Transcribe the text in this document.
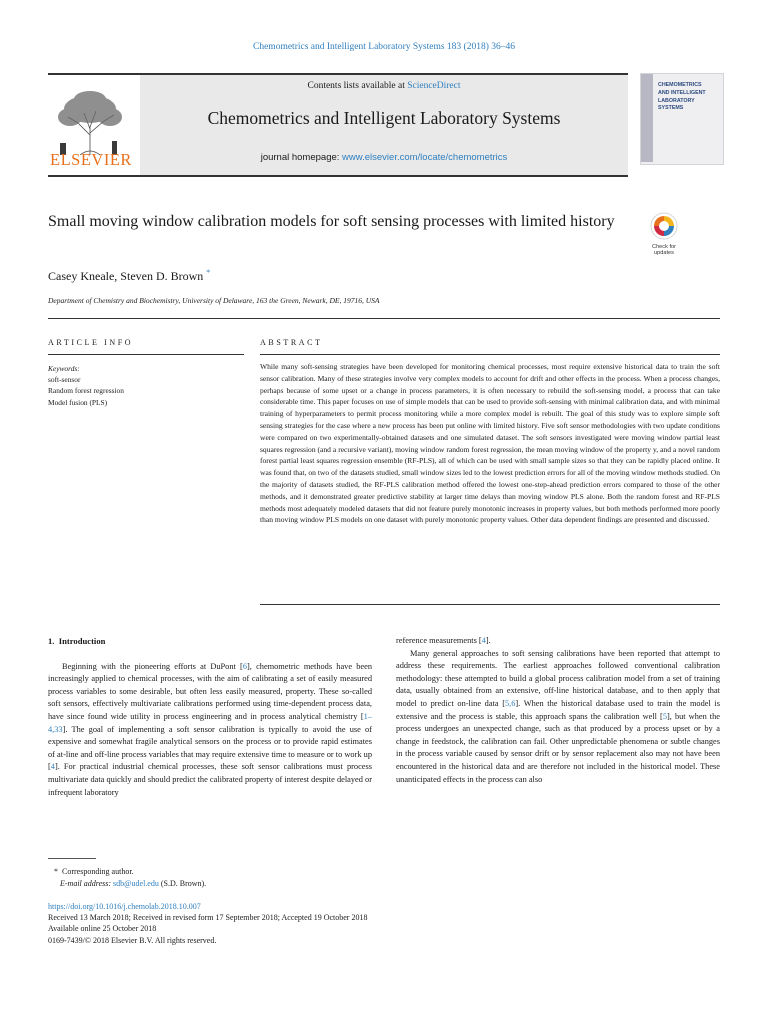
Chemometrics and Intelligent Laboratory Systems 183 (2018) 36–46
ELSEVIER
Contents lists available at ScienceDirect
Chemometrics and Intelligent Laboratory Systems
journal homepage: www.elsevier.com/locate/chemometrics
CHEMOMETRICS
AND INTELLIGENT
LABORATORY
SYSTEMS
Small moving window calibration models for soft sensing processes with limited history
Check for
updates
Casey Kneale, Steven D. Brown *
Department of Chemistry and Biochemistry, University of Delaware, 163 the Green, Newark, DE, 19716, USA
ARTICLE INFO
Keywords:
soft-sensor
Random forest regression
Model fusion (PLS)
ABSTRACT
While many soft-sensing strategies have been developed for monitoring chemical processes, most require extensive historical data to train the soft sensor calibration. Many of these strategies involve very complex models to account for drift and other effects in the process. When a process changes, perhaps because of some upset or a change in process parameters, it is often necessary to rebuild the soft-sensing model, a process that can take considerable time. This paper focuses on use of simple models that can be used to provide soft-sensing with minimal calibration data, and with minimal training of hyperparameters to permit process monitoring while a more complex model is rebuilt. The goal of this study was to explore simple soft sensing strategies for the case where a new process has been put online with limited history. Five soft sensor methodologies with two update conditions were compared on two experimentally-obtained datasets and one simulated dataset. The soft sensors investigated were moving window partial least squares regression (and a recursive variant), moving window random forest regression, the mean moving window of the property y, and a novel random forest partial least squares regression ensemble (RF-PLS), all of which can be used with small sample sizes so that they can be rapidly placed online. It was found that, on two of the datasets studied, small window sizes led to the lowest prediction errors for all of the moving window methods studied. On the majority of datasets studied, the RF-PLS calibration method offered the lowest one-step-ahead prediction errors compared to those of the other methods, and it demonstrated greater predictive stability at larger time delays than moving window PLS alone. Both the random forest and RF-PLS methods most adequately modeled datasets that did not feature purely monotonic increases in property values, but both methods performed more poorly than moving window PLS models on one dataset with purely monotonic property values. Other data dependent findings are presented and discussed.
1. Introduction

Beginning with the pioneering efforts at DuPont [6], chemometric methods have been increasingly applied to chemical processes, with the aim of calibrating a set of easily measured process variables to some desirable, but often less easily measured, property. These so-called soft sensors, effectively multivariate calibrations performed using time-dependent process data, have since found wide utility in process engineering and in process analytical chemistry [1–4,33]. The goal of implementing a soft sensor calibration is typically to avoid the use of expensive and somewhat fragile analytical sensors on the process or to provide rapid estimates of at-line and off-line process variables that may require extensive time to measure or to work up [4]. For practical industrial chemical processes, these soft sensor calibrations must process multivariate data quickly and should predict the calibrated property of interest despite delayed or infrequent laboratory

reference measurements [4].

Many general approaches to soft sensing calibrations have been reported that attempt to address these requirements. The earliest approaches followed conventional calibration methodology: these attempted to build a global process calibration model from a set of training data, usually obtained from an extensive, off-line historical database, and to then apply that model to predict on-line data [5,6]. When the historical database used to train the model is extensive and the process is stable, this approach spans the calibration well [5], but when the process undergoes an unexpected change, such as that produced by a process upset or by a change in feedstock, the calibration can fail. Other unpredictable phenomena or subtle changes in the process variable caused by sensor drift or by sensor replacement also may not have been encountered in the historical data and are therefore not included in the historical model. These unanticipated effects in the process can also

* Corresponding author.
E-mail address: sdb@udel.edu (S.D. Brown).
https://doi.org/10.1016/j.chemolab.2018.10.007
Received 13 March 2018; Received in revised form 17 September 2018; Accepted 19 October 2018
Available online 25 October 2018
0169-7439/© 2018 Elsevier B.V. All rights reserved.
